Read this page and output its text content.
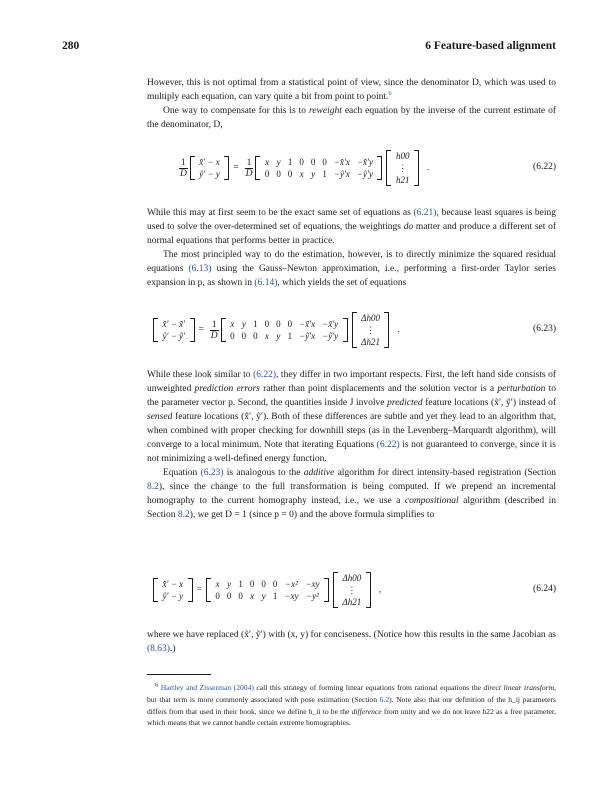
280	6 Feature-based alignment

However, this is not optimal from a statistical point of view, since the denominator D, which was used to multiply each equation, can vary quite a bit from point to point.$^6$

One way to compensate for this is to reweight each equation by the inverse of the current estimate of the denominator, D,

$\frac{1}{D}$ x̂′ − x
ŷ′ − y
= $\frac{1}{D}$ x	y	1	0	0	0	−x̂′x	−x̂′y
0	0	0	x	y	1	−ŷ′x	−ŷ′y
h00
⋮
h21
.	(6.22)

While this may at first seem to be the exact same set of equations as (6.21), because least squares is being used to solve the over-determined set of equations, the weightings do matter and produce a different set of normal equations that performs better in practice.

The most principled way to do the estimation, however, is to directly minimize the squared residual equations (6.13) using the Gauss–Newton approximation, i.e., performing a first-order Taylor series expansion in p, as shown in (6.14), which yields the set of equations

x̂′ − x̃′
ŷ′ − ỹ′
= $\frac{1}{D}$ x	y	1	0	0	0	−x̃′x	−x̃′y
0	0	0	x	y	1	−ỹ′x	−ỹ′y
Δh00
⋮
Δh21
.	(6.23)

While these look similar to (6.22), they differ in two important respects. First, the left hand side consists of unweighted prediction errors rather than point displacements and the solution vector is a perturbation to the parameter vector p. Second, the quantities inside J involve predicted feature locations (x̃′, ỹ′) instead of sensed feature locations (x̂′, ŷ′). Both of these differences are subtle and yet they lead to an algorithm that, when combined with proper checking for downhill steps (as in the Levenberg–Marquardt algorithm), will converge to a local minimum. Note that iterating Equations (6.22) is not guaranteed to converge, since it is not minimizing a well-defined energy function.

Equation (6.23) is analogous to the additive algorithm for direct intensity-based registration (Section 8.2), since the change to the full transformation is being computed. If we prepend an incremental homography to the current homography instead, i.e., we use a compositional algorithm (described in Section 8.2), we get D = 1 (since p = 0) and the above formula simplifies to

x̂′ − x
ŷ′ − y
=
x	y	1	0	0	0	−x²	−xy
0	0	0	x	y	1	−xy	−y²
Δh00
⋮
Δh21
,	(6.24)

where we have replaced (x̃′, ỹ′) with (x, y) for conciseness. (Notice how this results in the same Jacobian as (8.63).)

6 Hartley and Zisserman (2004) call this strategy of forming linear equations from rational equations the direct linear transform, but that term is more commonly associated with pose estimation (Section 6.2). Note also that our definition of the h_ij parameters differs from that used in their book, since we define h_ii to be the difference from unity and we do not leave h22 as a free parameter, which means that we cannot handle certain extreme homographies.
